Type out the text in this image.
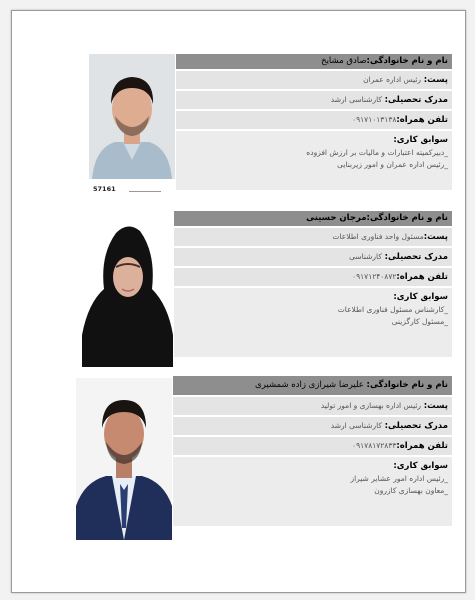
57161
نام و نام خانوادگی:صادق مشایخ
پست: رئیس اداره عمران
مدرک تحصیلی: کارشناسی ارشد
تلفن همراه:۰۹۱۷۱۰۱۳۱۳۸
سوابق کاری:
_دبیرکمیته اعتبارات و مالیات بر ارزش افزوده
_رئیس اداره عمران و امور زیربنایی
نام و نام خانوادگی:مرجان حسینی
پست:مسئول واحد فناوری اطلاعات
مدرک تحصیلی: کارشناسی
تلفن همراه:۰۹۱۷۱۲۴۰۸۷۲
سوابق کاری:
_کارشناس مسئول فناوری اطلاعات
_مسئول کارگزینی
نام و نام خانوادگی: علیرضا شیرازی زاده شمشیری
پست: رئیس اداره بهسازی و امور تولید
مدرک تحصیلی: کارشناسی ارشد
تلفن همراه:۰۹۱۷۸۱۷۲۸۳۳
سوابق کاری:
_رئیس اداره امور عشایر شیراز
_معاون بهسازی کازرون
